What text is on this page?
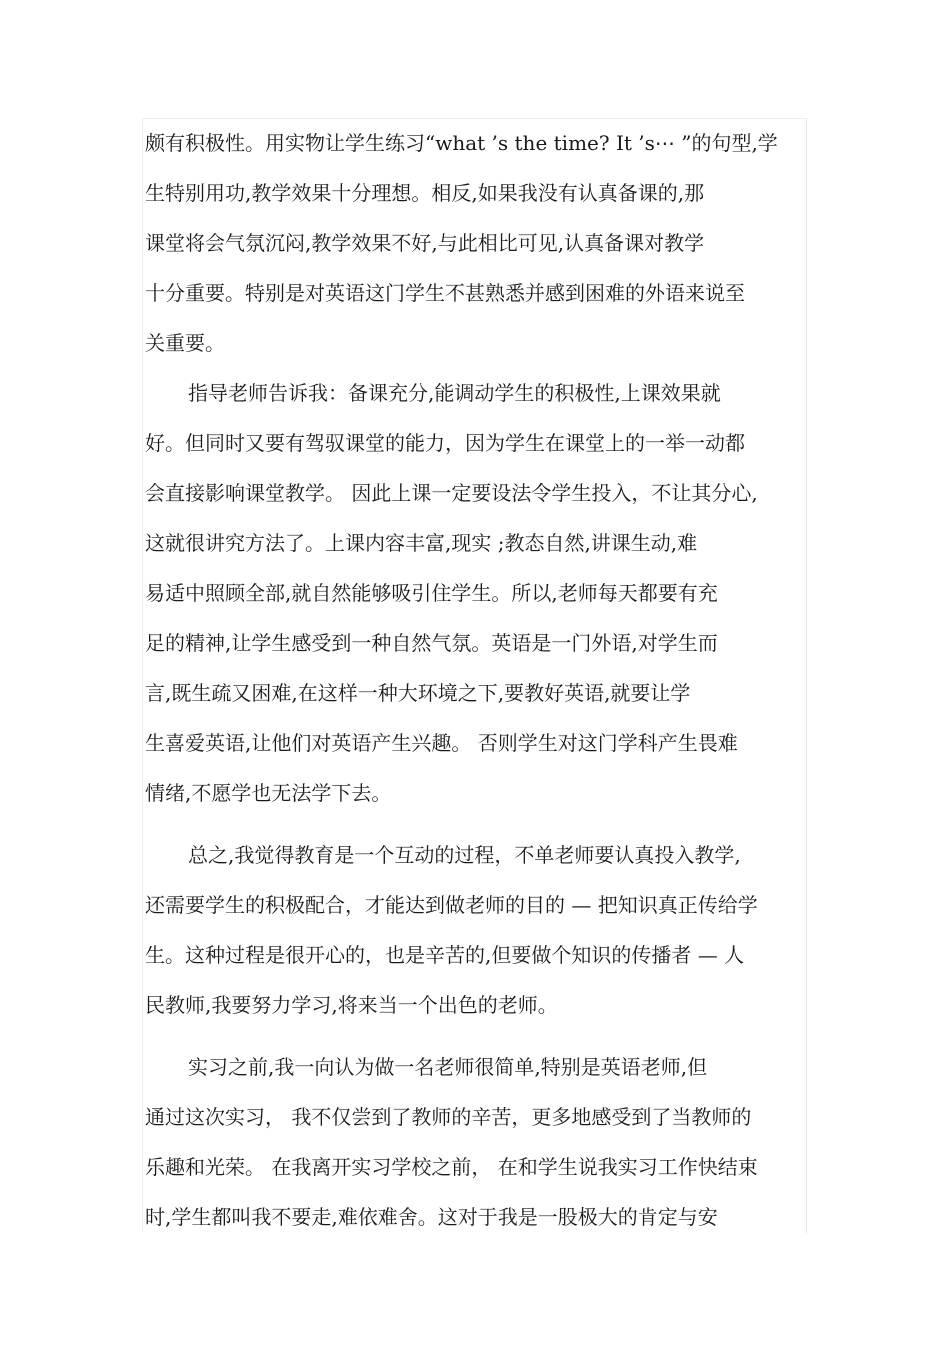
颇有积极性。用实物让学生练习“what ’s the time? It ’s⋯ ”的句型,学
生特别用功,教学效果十分理想。相反,如果我没有认真备课的,那
课堂将会气氛沉闷,教学效果不好,与此相比可见,认真备课对教学
十分重要。特别是对英语这门学生不甚熟悉并感到困难的外语来说至
关重要。
指导老师告诉我：备课充分,能调动学生的积极性,上课效果就
好。但同时又要有驾驭课堂的能力，因为学生在课堂上的一举一动都
会直接影响课堂教学。 因此上课一定要设法令学生投入，不让其分心,
这就很讲究方法了。上课内容丰富,现实 ;教态自然,讲课生动,难
易适中照顾全部,就自然能够吸引住学生。所以,老师每天都要有充
足的精神,让学生感受到一种自然气氛。英语是一门外语,对学生而
言,既生疏又困难,在这样一种大环境之下,要教好英语,就要让学
生喜爱英语,让他们对英语产生兴趣。 否则学生对这门学科产生畏难
情绪,不愿学也无法学下去。
总之,我觉得教育是一个互动的过程，不单老师要认真投入教学,
还需要学生的积极配合，才能达到做老师的目的 — 把知识真正传给学
生。这种过程是很开心的，也是辛苦的,但要做个知识的传播者 — 人
民教师,我要努力学习,将来当一个出色的老师。
实习之前,我一向认为做一名老师很简单,特别是英语老师,但
通过这次实习， 我不仅尝到了教师的辛苦，更多地感受到了当教师的
乐趣和光荣。 在我离开实习学校之前， 在和学生说我实习工作快结束
时,学生都叫我不要走,难依难舍。这对于我是一股极大的肯定与安
